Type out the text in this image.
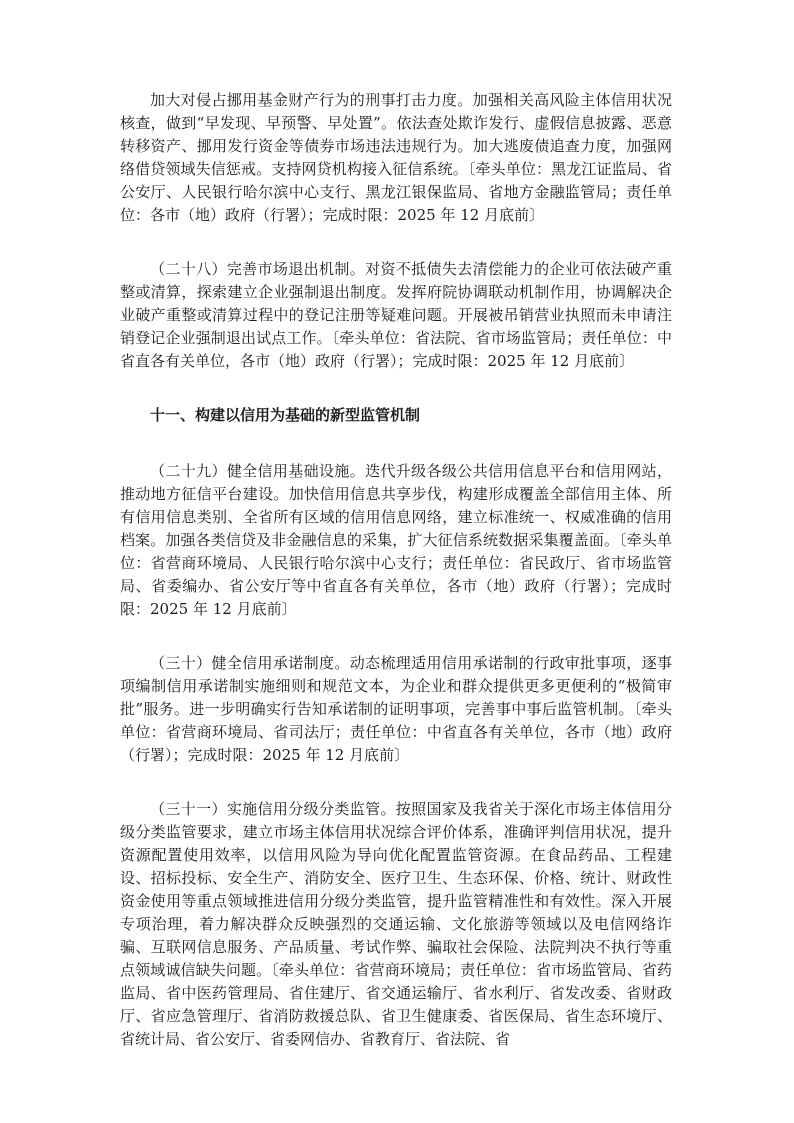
加大对侵占挪用基金财产行为的刑事打击力度。加强相关高风险主体信用状况核查，做到“早发现、早预警、早处置”。依法查处欺诈发行、虚假信息披露、恶意转移资产、挪用发行资金等债券市场违法违规行为。加大逃废债追查力度，加强网络借贷领域失信惩戒。支持网贷机构接入征信系统。〔牵头单位：黑龙江证监局、省公安厅、人民银行哈尔滨中心支行、黑龙江银保监局、省地方金融监管局；责任单位：各市（地）政府（行署）；完成时限：2025 年 12 月底前〕

（二十八）完善市场退出机制。对资不抵债失去清偿能力的企业可依法破产重整或清算，探索建立企业强制退出制度。发挥府院协调联动机制作用，协调解决企业破产重整或清算过程中的登记注册等疑难问题。开展被吊销营业执照而未申请注销登记企业强制退出试点工作。〔牵头单位：省法院、省市场监管局；责任单位：中省直各有关单位，各市（地）政府（行署）；完成时限：2025 年 12 月底前〕

十一、构建以信用为基础的新型监管机制

（二十九）健全信用基础设施。迭代升级各级公共信用信息平台和信用网站，推动地方征信平台建设。加快信用信息共享步伐，构建形成覆盖全部信用主体、所有信用信息类别、全省所有区域的信用信息网络，建立标准统一、权威准确的信用档案。加强各类信贷及非金融信息的采集，扩大征信系统数据采集覆盖面。〔牵头单位：省营商环境局、人民银行哈尔滨中心支行；责任单位：省民政厅、省市场监管局、省委编办、省公安厅等中省直各有关单位，各市（地）政府（行署）；完成时限：2025 年 12 月底前〕

（三十）健全信用承诺制度。动态梳理适用信用承诺制的行政审批事项，逐事项编制信用承诺制实施细则和规范文本，为企业和群众提供更多更便利的“极简审批”服务。进一步明确实行告知承诺制的证明事项，完善事中事后监管机制。〔牵头单位：省营商环境局、省司法厅；责任单位：中省直各有关单位，各市（地）政府（行署）；完成时限：2025 年 12 月底前〕

（三十一）实施信用分级分类监管。按照国家及我省关于深化市场主体信用分级分类监管要求，建立市场主体信用状况综合评价体系，准确评判信用状况，提升资源配置使用效率，以信用风险为导向优化配置监管资源。在食品药品、工程建设、招标投标、安全生产、消防安全、医疗卫生、生态环保、价格、统计、财政性资金使用等重点领域推进信用分级分类监管，提升监管精准性和有效性。深入开展专项治理，着力解决群众反映强烈的交通运输、文化旅游等领域以及电信网络诈骗、互联网信息服务、产品质量、考试作弊、骗取社会保险、法院判决不执行等重点领域诚信缺失问题。〔牵头单位：省营商环境局；责任单位：省市场监管局、省药监局、省中医药管理局、省住建厅、省交通运输厅、省水利厅、省发改委、省财政厅、省应急管理厅、省消防救援总队、省卫生健康委、省医保局、省生态环境厅、省统计局、省公安厅、省委网信办、省教育厅、省法院、省
